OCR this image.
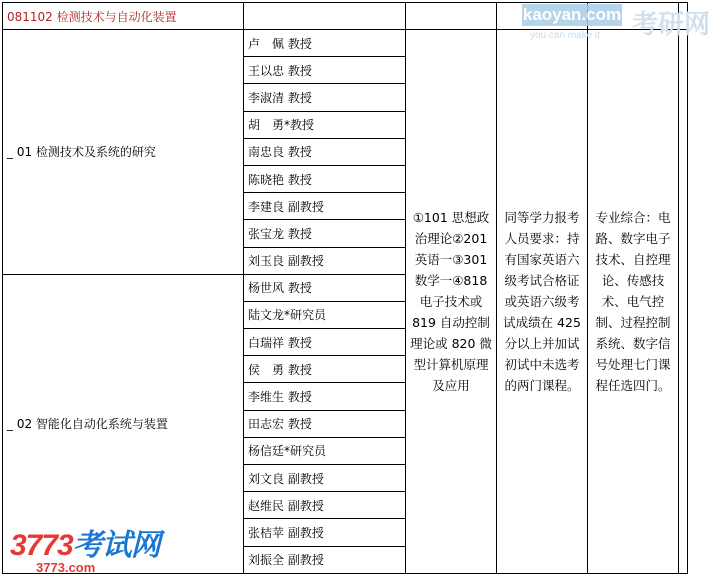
081102 检测技术与自动化装置					
_ 01 检测技术及系统的研究	卢　佩 教授	①101 思想政治理论②201 英语一③301 数学一④818 电子技术或 819 自动控制理论或 820 微型计算机原理及应用	同等学力报考人员要求：持有国家英语六级考试合格证或英语六级考试成绩在 425 分以上并加试初试中未选考的两门课程。	专业综合：电路、数字电子技术、自控理论、传感技术、电气控制、过程控制系统、数字信号处理七门课程任选四门。	
	王以忠 教授				
	李淑清 教授				
	胡　勇*教授				
	南忠良 教授				
	陈晓艳 教授				
	李建良 副教授				
	张宝龙 教授				
	刘玉良 副教授				
_ 02 智能化自动化系统与装置	杨世风 教授				
	陆文龙*研究员				
	白瑞祥 教授				
	侯　勇 教授				
	李维生 教授				
	田志宏 教授				
	杨信廷*研究员				
	刘文良 副教授				
	赵维民 副教授				
	张桔苹 副教授				
	刘振全 副教授				
kaoyan.com
you can make it 考研网
3773考试网
3773.com
